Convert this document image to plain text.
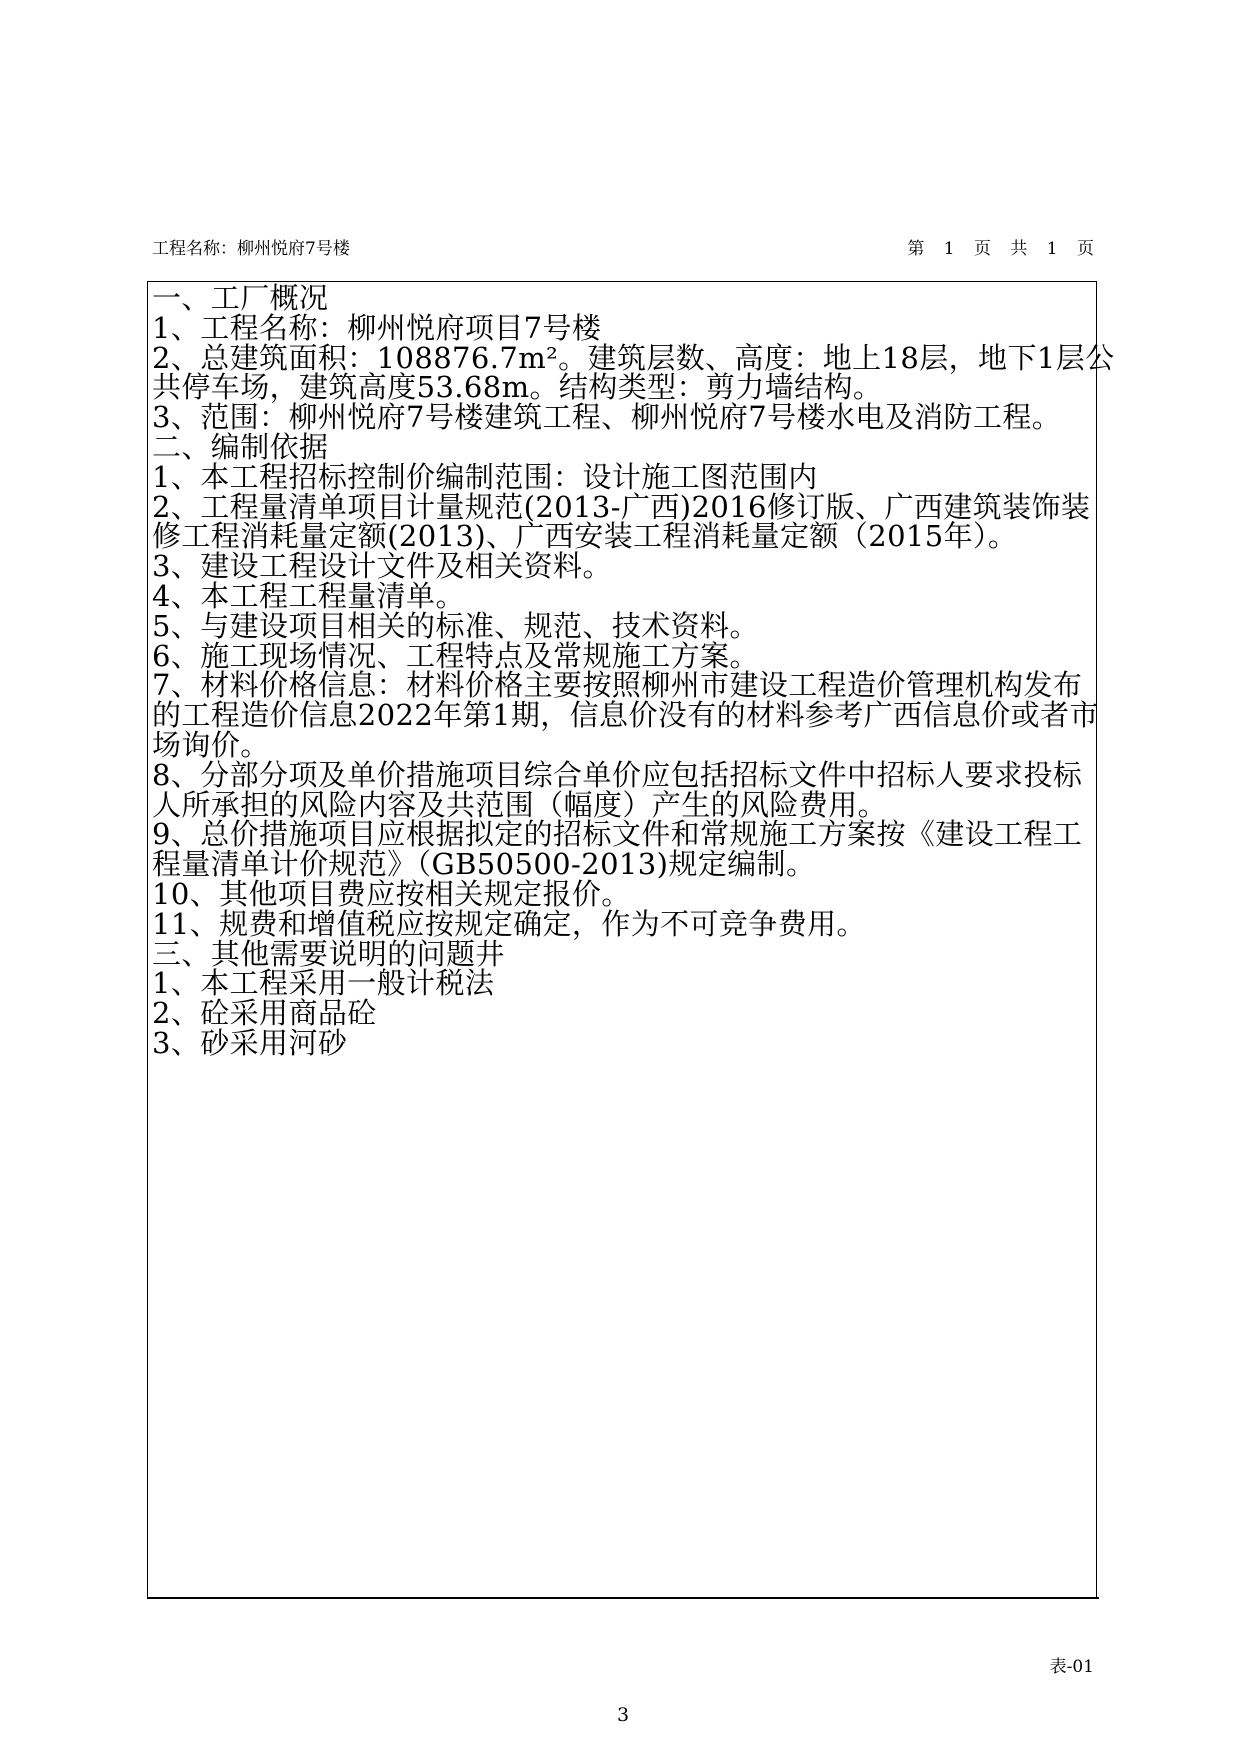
工程名称：柳州悦府7号楼	第 1 页 共 1 页
一、工厂概况
1、工程名称：柳州悦府项目7号楼
2、总建筑面积：108876.7m²。建筑层数、高度：地上18层，地下1层公
共停车场，建筑高度53.68m。结构类型：剪力墙结构。
3、范围：柳州悦府7号楼建筑工程、柳州悦府7号楼水电及消防工程。
二、编制依据
1、本工程招标控制价编制范围：设计施工图范围内
2、工程量清单项目计量规范(2013-广西)2016修订版、广西建筑装饰装
修工程消耗量定额(2013)、广西安装工程消耗量定额（2015年）。
3、建设工程设计文件及相关资料。
4、本工程工程量清单。
5、与建设项目相关的标准、规范、技术资料。
6、施工现场情况、工程特点及常规施工方案。
7、材料价格信息：材料价格主要按照柳州市建设工程造价管理机构发布
的工程造价信息2022年第1期，信息价没有的材料参考广西信息价或者市
场询价。
8、分部分项及单价措施项目综合单价应包括招标文件中招标人要求投标
人所承担的风险内容及共范围（幅度）产生的风险费用。
9、总价措施项目应根据拟定的招标文件和常规施工方案按《建设工程工
程量清单计价规范》（GB50500-2013)规定编制。
10、其他项目费应按相关规定报价。
11、规费和增值税应按规定确定，作为不可竞争费用。
三、其他需要说明的问题井
1、本工程采用一般计税法
2、砼采用商品砼
3、砂采用河砂
表-01
3
